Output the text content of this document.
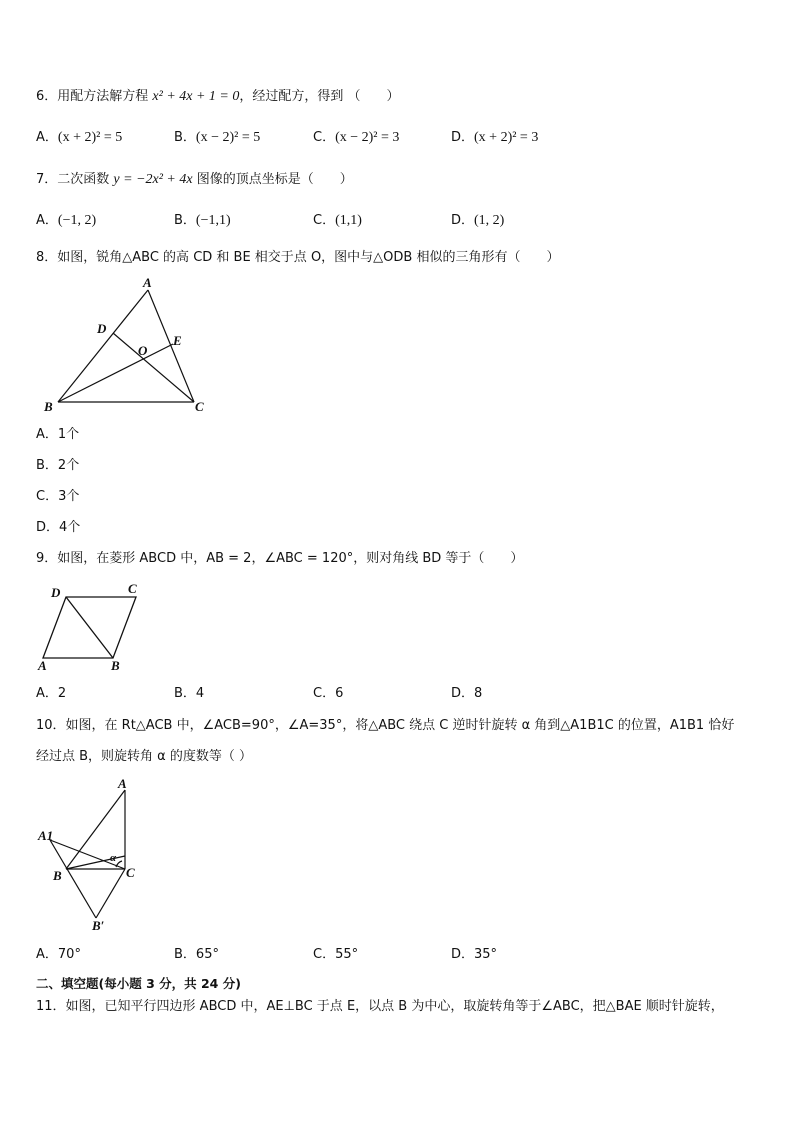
6．用配方法解方程 x² + 4x + 1 = 0，经过配方，得到 （　　）
A．(x + 2)² = 5	B．(x − 2)² = 5	C．(x − 2)² = 3	D．(x + 2)² = 3
7．二次函数 y = −2x² + 4x 图像的顶点坐标是（　　）
A．(−1, 2)	B．(−1,1)	C．(1,1)	D．(1, 2)
8．如图，锐角△ABC 的高 CD 和 BE 相交于点 O，图中与△ODB 相似的三角形有（　　）
A
B	C
D
E
O
A．1个
B．2个
C．3个
D．4个
9．如图，在菱形 ABCD 中，AB = 2，∠ABC = 120°，则对角线 BD 等于（　　）
A	B
C
D
A．2	B．4	C．6	D．8
10．如图，在 Rt△ACB 中，∠ACB=90°，∠A=35°，将△ABC 绕点 C 逆时针旋转 α 角到△A1B1C 的位置，A1B1 恰好
经过点 B，则旋转角 α 的度数等（ ）
A
A1
B	C
B′
α
A．70°	B．65°	C．55°	D．35°
二、填空题(每小题 3 分，共 24 分)
11．如图，已知平行四边形 ABCD 中，AE⊥BC 于点 E，以点 B 为中心，取旋转角等于∠ABC，把△BAE 顺时针旋转，
